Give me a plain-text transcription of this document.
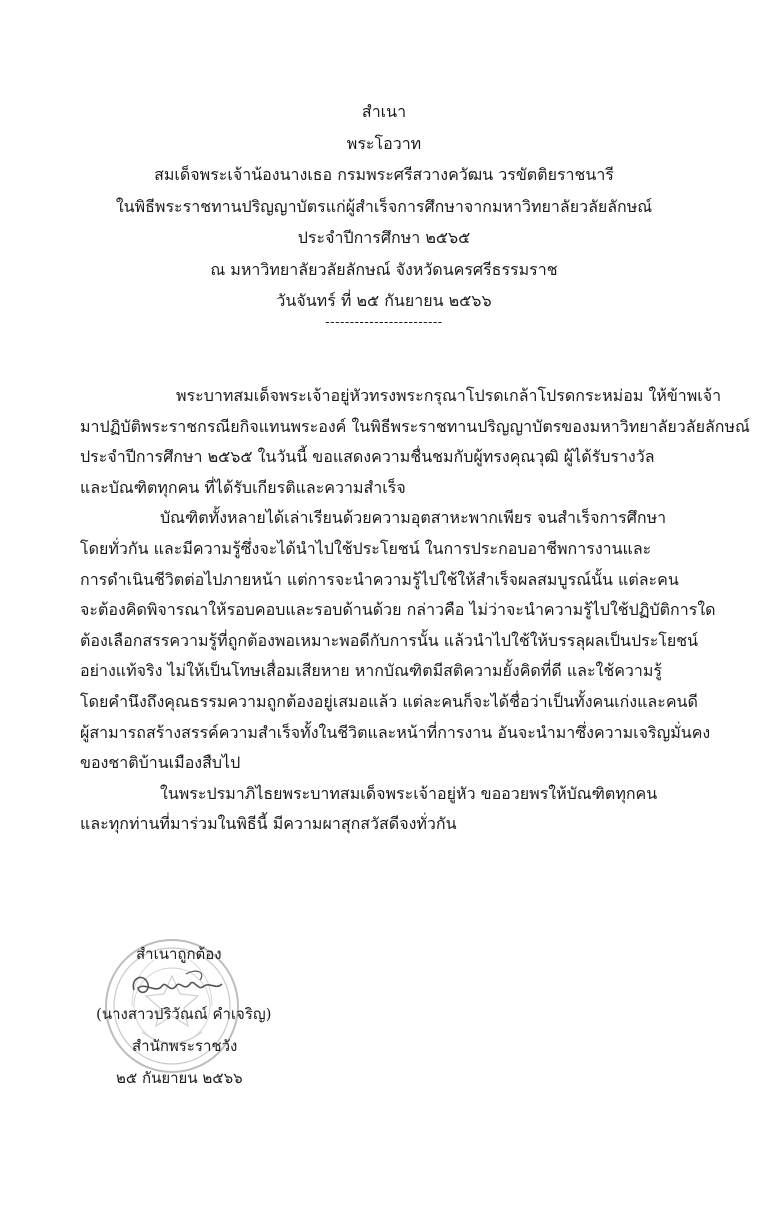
สำเนา
พระโอวาท
สมเด็จพระเจ้าน้องนางเธอ กรมพระศรีสวางควัฒน วรขัตติยราชนารี
ในพิธีพระราชทานปริญญาบัตรแก่ผู้สำเร็จการศึกษาจากมหาวิทยาลัยวลัยลักษณ์
ประจำปีการศึกษา ๒๕๖๕
ณ มหาวิทยาลัยวลัยลักษณ์ จังหวัดนครศรีธรรมราช
วันจันทร์ ที่ ๒๕ กันยายน ๒๕๖๖
------------------------
พระบาทสมเด็จพระเจ้าอยู่หัวทรงพระกรุณาโปรดเกล้าโปรดกระหม่อม ให้ข้าพเจ้า
มาปฏิบัติพระราชกรณียกิจแทนพระองค์ ในพิธีพระราชทานปริญญาบัตรของมหาวิทยาลัยวลัยลักษณ์
ประจำปีการศึกษา ๒๕๖๕ ในวันนี้ ขอแสดงความชื่นชมกับผู้ทรงคุณวุฒิ ผู้ได้รับรางวัล
และบัณฑิตทุกคน ที่ได้รับเกียรติและความสำเร็จ
บัณฑิตทั้งหลายได้เล่าเรียนด้วยความอุตสาหะพากเพียร จนสำเร็จการศึกษา
โดยทั่วกัน และมีความรู้ซึ่งจะได้นำไปใช้ประโยชน์ ในการประกอบอาชีพการงานและ
การดำเนินชีวิตต่อไปภายหน้า แต่การจะนำความรู้ไปใช้ให้สำเร็จผลสมบูรณ์นั้น แต่ละคน
จะต้องคิดพิจารณาให้รอบคอบและรอบด้านด้วย กล่าวคือ ไม่ว่าจะนำความรู้ไปใช้ปฏิบัติการใด
ต้องเลือกสรรความรู้ที่ถูกต้องพอเหมาะพอดีกับการนั้น แล้วนำไปใช้ให้บรรลุผลเป็นประโยชน์
อย่างแท้จริง ไม่ให้เป็นโทษเสื่อมเสียหาย หากบัณฑิตมีสติความยั้งคิดที่ดี และใช้ความรู้
โดยคำนึงถึงคุณธรรมความถูกต้องอยู่เสมอแล้ว แต่ละคนก็จะได้ชื่อว่าเป็นทั้งคนเก่งและคนดี
ผู้สามารถสร้างสรรค์ความสำเร็จทั้งในชีวิตและหน้าที่การงาน อันจะนำมาซึ่งความเจริญมั่นคง
ของชาติบ้านเมืองสืบไป
ในพระปรมาภิไธยพระบาทสมเด็จพระเจ้าอยู่หัว ขออวยพรให้บัณฑิตทุกคน
และทุกท่านที่มาร่วมในพิธีนี้ มีความผาสุกสวัสดีจงทั่วกัน
สำเนาถูกต้อง
(นางสาวปริวัณณ์ คำเจริญ)
สำนักพระราชวัง
๒๕ กันยายน ๒๕๖๖
